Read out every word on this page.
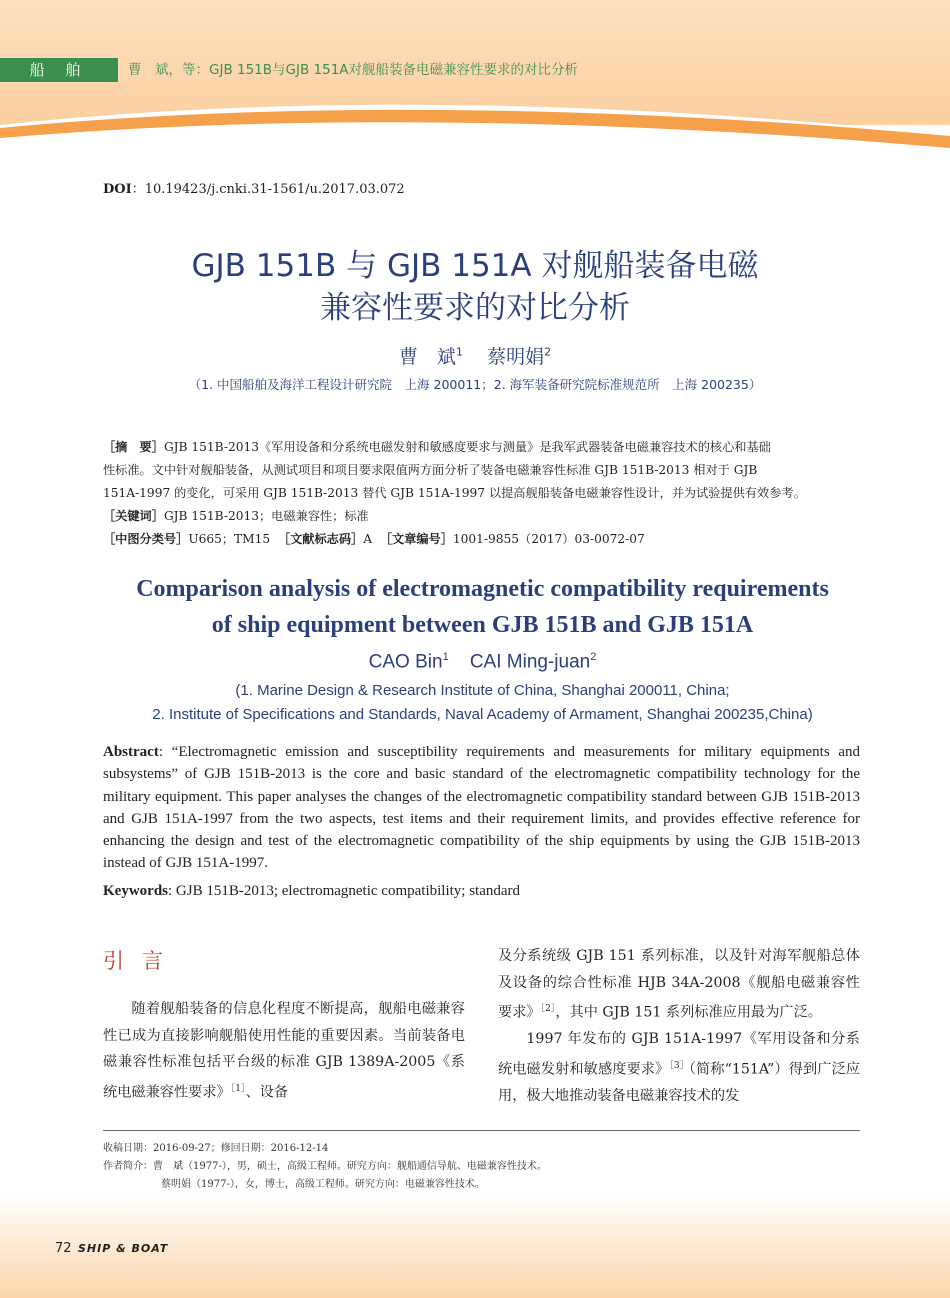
船 舶	曹　斌，等：GJB 151B与GJB 151A对舰船装备电磁兼容性要求的对比分析
DOI：10.19423/j.cnki.31-1561/u.2017.03.072
GJB 151B 与 GJB 151A 对舰船装备电磁
兼容性要求的对比分析
曹　斌$^1$ 蔡明娟$^2$
（1. 中国船舶及海洋工程设计研究院　上海 200011；2. 海军装备研究院标准规范所　上海 200235）
［摘　要］GJB 151B-2013《军用设备和分系统电磁发射和敏感度要求与测量》是我军武器装备电磁兼容技术的核心和基础
性标准。文中针对舰船装备，从测试项目和项目要求限值两方面分析了装备电磁兼容性标准 GJB 151B-2013 相对于 GJB
151A-1997 的变化，可采用 GJB 151B-2013 替代 GJB 151A-1997 以提高舰船装备电磁兼容性设计，并为试验提供有效参考。
［关键词］GJB 151B-2013；电磁兼容性；标准
［中图分类号］U665；TM15 ［文献标志码］A ［文章编号］1001-9855（2017）03-0072-07
Comparison analysis of electromagnetic compatibility requirements
of ship equipment between GJB 151B and GJB 151A
CAO Bin$^1$ CAI Ming-juan$^2$
(1. Marine Design & Research Institute of China, Shanghai 200011, China;
2. Institute of Specifications and Standards, Naval Academy of Armament, Shanghai 200235,China)
Abstract: “Electromagnetic emission and susceptibility requirements and measurements for military equipments and subsystems” of GJB 151B-2013 is the core and basic standard of the electromagnetic compatibility technology for the military equipment. This paper analyses the changes of the electromagnetic compatibility standard between GJB 151B-2013 and GJB 151A-1997 from the two aspects, test items and their requirement limits, and provides effective reference for enhancing the design and test of the electromagnetic compatibility of the ship equipments by using the GJB 151B-2013 instead of GJB 151A-1997.
Keywords: GJB 151B-2013; electromagnetic compatibility; standard
引言

随着舰船装备的信息化程度不断提高，舰船电磁兼容性已成为直接影响舰船使用性能的重要因素。当前装备电磁兼容性标准包括平台级的标准 GJB 1389A-2005《系统电磁兼容性要求》$^{[1]}$、设备

及分系统级 GJB 151 系列标准，以及针对海军舰船总体及设备的综合性标准 HJB 34A-2008《舰船电磁兼容性要求》$^{[2]}$，其中 GJB 151 系列标准应用最为广泛。

1997 年发布的 GJB 151A-1997《军用设备和分系统电磁发射和敏感度要求》$^{[3]}$（简称“151A”）得到广泛应用，极大地推动装备电磁兼容技术的发

收稿日期：2016-09-27；修回日期：2016-12-14
作者简介：曹　斌（1977-），男，硕士，高级工程师。研究方向：舰船通信导航、电磁兼容性技术。
蔡明娟（1977-），女，博士，高级工程师。研究方向：电磁兼容性技术。
72 SHIP & BOAT
